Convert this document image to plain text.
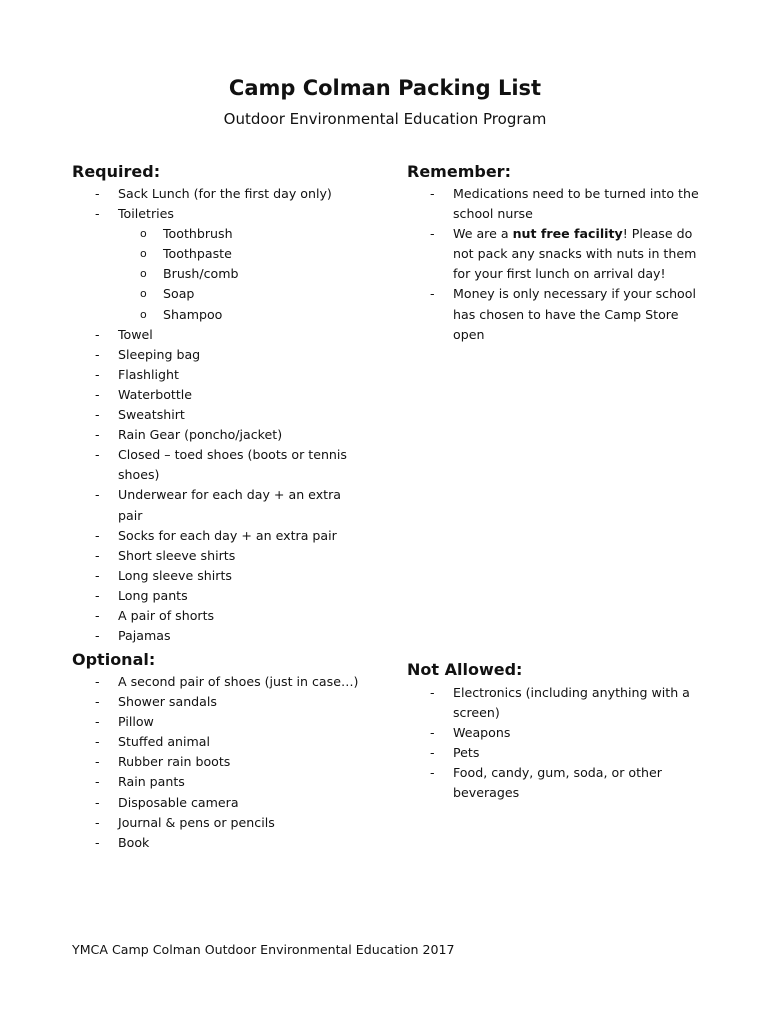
Camp Colman Packing List
Outdoor Environmental Education Program
Required:
- Sack Lunch (for the first day only)
- Toiletries
o Toothbrush
o Toothpaste
o Brush/comb
o Soap
o Shampoo
- Towel
- Sleeping bag
- Flashlight
- Waterbottle
- Sweatshirt
- Rain Gear (poncho/jacket)
- Closed – toed shoes (boots or tennis shoes)
- Underwear for each day + an extra pair
- Socks for each day + an extra pair
- Short sleeve shirts
- Long sleeve shirts
- Long pants
- A pair of shorts
- Pajamas
Remember:
- Medications need to be turned into the school nurse
- We are a nut free facility! Please do not pack any snacks with nuts in them for your first lunch on arrival day!
- Money is only necessary if your school has chosen to have the Camp Store open
Optional:
- A second pair of shoes (just in case…)
- Shower sandals
- Pillow
- Stuffed animal
- Rubber rain boots
- Rain pants
- Disposable camera
- Journal & pens or pencils
- Book
Not Allowed:
- Electronics (including anything with a screen)
- Weapons
- Pets
- Food, candy, gum, soda, or other beverages
YMCA Camp Colman Outdoor Environmental Education 2017
